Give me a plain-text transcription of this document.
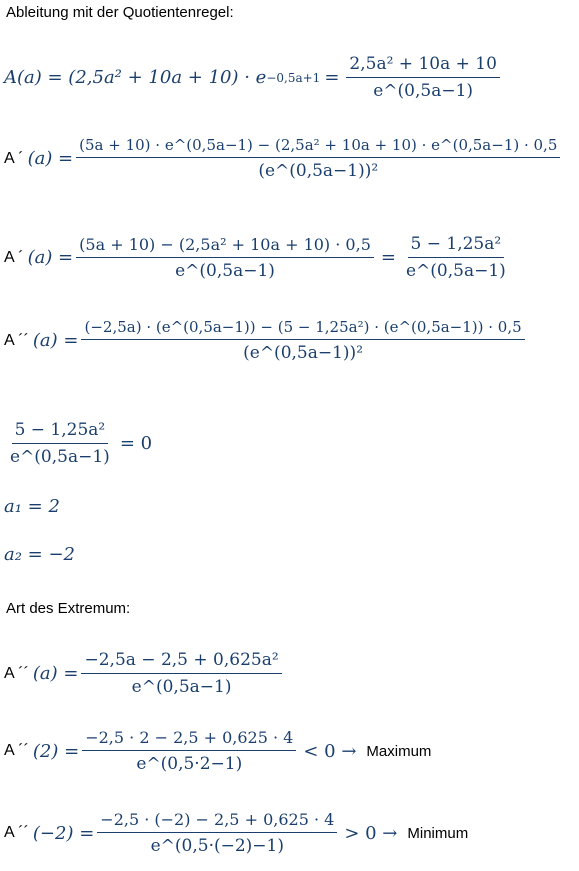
Ableitung mit der Quotientenregel:
$A(a) = (2,5a^2 + 10a + 10) \cdot e -0,5a+1 = \frac{\text{2,5a² + 10a + 10}}{e\^{}(0,5a-1)}$
A ´ (a) =
(5a + 10) · e^(0,5a−1) − (2,5a² + 10a + 10) · e^(0,5a−1) · 0,5
(e^(0,5a−1))²
A ´ $(a) = \frac{\text{(5a + 10) − (2,5a² + 10a + 10) · 0,5}}{e\^{}(0,5a-1)} = \frac{\text{5 − 1,25a²}}{e\^{}(0,5a-1)}$
A ´´ $(a) = \frac{\text{(−2,5a) · (e\textasciicircum{}(0,5a−1)) − (5 − 1,25a²) · (e\textasciicircum{}(0,5a−1)) · 0,5}}{\text{(e\textasciicircum{}(0,5a−1))²}}$
$\frac{\text{5 − 1,25a²}}{e\^{}(0,5a-1)} = 0$
a₁ = 2
a₂ = −2
Art des Extremum:
A ´´ $(a) = \frac{\text{−2,5a − 2,5 + 0,625a²}}{e\^{}(0,5a-1)}$
A ´´ $(2) = \frac{-2,5 \cdot 2 - 2,5 + 0,625 \cdot 4}{e\^{}(0,5\cdot 2-1)} < 0$ → Maximum
A ´´ $(-2) = \frac{-2,5 \cdot (-2) - 2,5 + 0,625 \cdot 4}{e\^{}(0,5\cdot(-2)-1)} > 0$ → Minimum
